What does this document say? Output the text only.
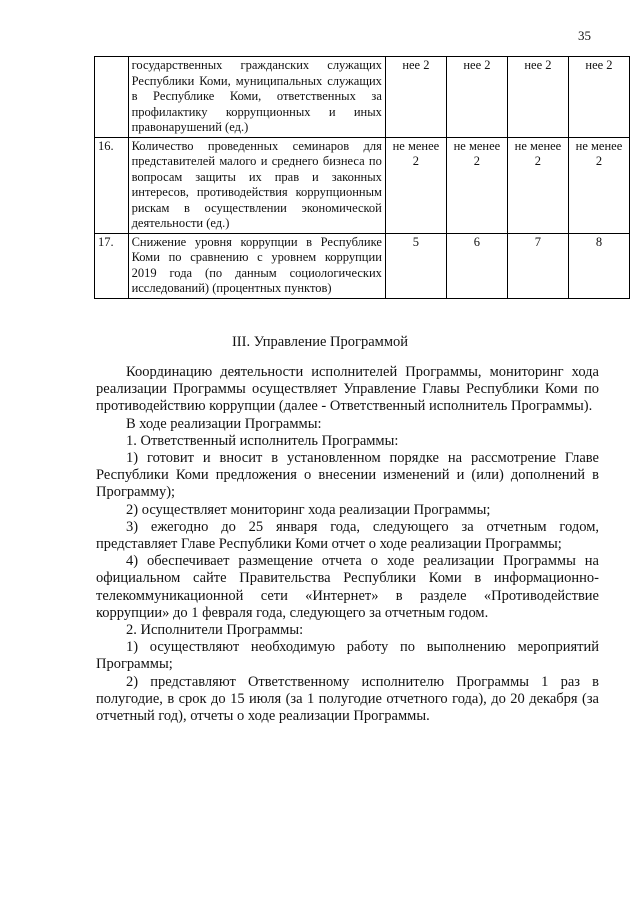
35
	государственных гражданских служащих Республики Коми, муниципальных служащих в Республике Коми, ответственных за профилактику коррупционных и иных правонарушений (ед.)	нее 2	нее 2	нее 2	нее 2
16.	Количество проведенных семинаров для представителей малого и среднего бизнеса по вопросам защиты их прав и законных интересов, противодействия коррупционным рискам в осуществлении экономической деятельности (ед.)	не менее 2	не менее 2	не менее 2	не менее 2
17.	Снижение уровня коррупции в Республике Коми по сравнению с уровнем коррупции 2019 года (по данным социологических исследований) (процентных пунктов)	5	6	7	8
III. Управление Программой

Координацию деятельности исполнителей Программы, мониторинг хода реализации Программы осуществляет Управление Главы Республики Коми по противодействию коррупции (далее - Ответственный исполнитель Программы).

В ходе реализации Программы:

1. Ответственный исполнитель Программы:

1) готовит и вносит в установленном порядке на рассмотрение Главе Республики Коми предложения о внесении изменений и (или) дополнений в Программу);

2) осуществляет мониторинг хода реализации Программы;

3) ежегодно до 25 января года, следующего за отчетным годом, представляет Главе Республики Коми отчет о ходе реализации Программы;

4) обеспечивает размещение отчета о ходе реализации Программы на официальном сайте Правительства Республики Коми в информационно-телекоммуникационной сети «Интернет» в разделе «Противодействие коррупции» до 1 февраля года, следующего за отчетным годом.

2. Исполнители Программы:

1) осуществляют необходимую работу по выполнению мероприятий Программы;

2) представляют Ответственному исполнителю Программы 1 раз в полугодие, в срок до 15 июля (за 1 полугодие отчетного года), до 20 декабря (за отчетный год), отчеты о ходе реализации Программы.
